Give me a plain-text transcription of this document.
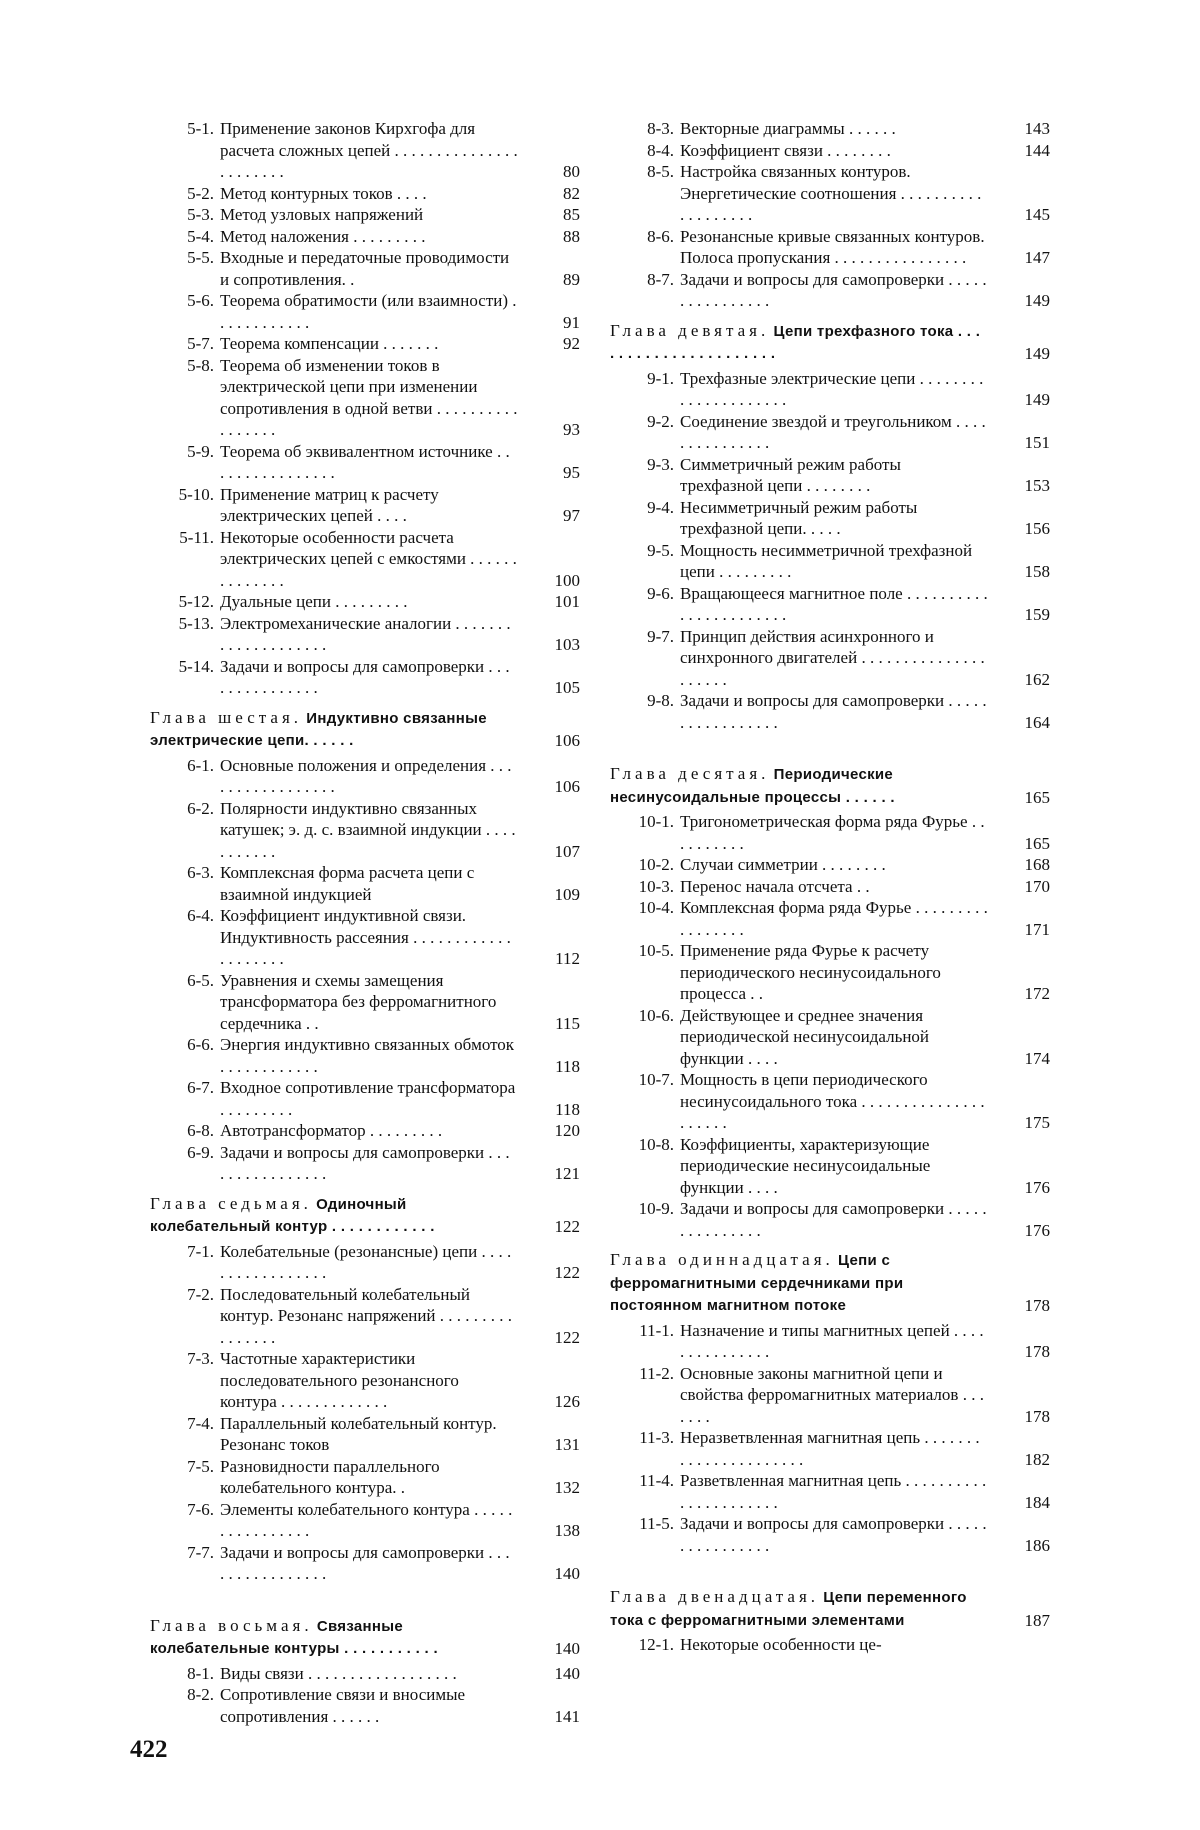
5-1. Применение законов Кирхгофа для расчета сложных цепей . . . . . . . . . . . . . . . . . . . . . . .	80
5-2. Метод контурных токов . . . .	82
5-3. Метод узловых напряжений	85
5-4. Метод наложения . . . . . . . . .	88
5-5. Входные и передаточные проводимости и сопротивления. .	89
5-6. Теорема обратимости (или взаимности) . . . . . . . . . . . .	91
5-7. Теорема компенсации . . . . . . .	92
5-8. Теорема об изменении токов в электрической цепи при изменении сопротивления в одной ветви . . . . . . . . . . . . . . . . .	93
5-9. Теорема об эквивалентном источнике . . . . . . . . . . . . . . . .	95
5-10. Применение матриц к расчету электрических цепей . . . .	97
5-11. Некоторые особенности расчета электрических цепей с емкостями . . . . . . . . . . . . . .	100
5-12. Дуальные цепи . . . . . . . . .	101
5-13. Электромеханические аналогии . . . . . . . . . . . . . . . . . . . .	103
5-14. Задачи и вопросы для самопроверки . . . . . . . . . . . . . . .	105
Глава шестая. Индуктивно связанные электрические цепи. . . . . .	106
6-1. Основные положения и определения . . . . . . . . . . . . . . . . .	106
6-2. Полярности индуктивно связанных катушек; э. д. с. взаимной индукции . . . . . . . . . . .	107
6-3. Комплексная форма расчета цепи с взаимной индукцией	109
6-4. Коэффициент индуктивной связи. Индуктивность рассеяния . . . . . . . . . . . . . . . . . . . .	112
6-5. Уравнения и схемы замещения трансформатора без ферромагнитного сердечника . .	115
6-6. Энергия индуктивно связанных обмоток . . . . . . . . . . . .	118
6-7. Входное сопротивление трансформатора . . . . . . . . .	118
6-8. Автотрансформатор . . . . . . . . .	120
6-9. Задачи и вопросы для самопроверки . . . . . . . . . . . . . . . .	121
Глава седьмая. Одиночный колебательный контур . . . . . . . . . . . .	122
7-1. Колебательные (резонансные) цепи . . . . . . . . . . . . . . . . .	122
7-2. Последовательный колебательный контур. Резонанс напряжений . . . . . . . . . . . . . . . .	122
7-3. Частотные характеристики последовательного резонансного контура . . . . . . . . . . . . .	126
7-4. Параллельный колебательный контур. Резонанс токов	131
7-5. Разновидности параллельного колебательного контура. .	132
7-6. Элементы колебательного контура . . . . . . . . . . . . . . . .	138
7-7. Задачи и вопросы для самопроверки . . . . . . . . . . . . . . . .	140
Глава восьмая. Связанные колебательные контуры . . . . . . . . . . .	140
8-1. Виды связи . . . . . . . . . . . . . . . . . .	140
8-2. Сопротивление связи и вносимые сопротивления . . . . . .	141
8-3. Векторные диаграммы . . . . . .	143
8-4. Коэффициент связи . . . . . . . .	144
8-5. Настройка связанных контуров. Энергетические соотношения . . . . . . . . . . . . . . . . . . .	145
8-6. Резонансные кривые связанных контуров. Полоса пропускания . . . . . . . . . . . . . . . .	147
8-7. Задачи и вопросы для самопроверки . . . . . . . . . . . . . . . .	149
Глава девятая. Цепи трехфазного тока . . . . . . . . . . . . . . . . . . . . . .	149
9-1. Трехфазные электрические цепи . . . . . . . . . . . . . . . . . . . . .	149
9-2. Соединение звездой и треугольником . . . . . . . . . . . . . . .	151
9-3. Симметричный режим работы трехфазной цепи . . . . . . . .	153
9-4. Несимметричный режим работы трехфазной цепи. . . . .	156
9-5. Мощность несимметричной трехфазной цепи . . . . . . . . .	158
9-6. Вращающееся магнитное поле . . . . . . . . . . . . . . . . . . . . . . .	159
9-7. Принцип действия асинхронного и синхронного двигателей . . . . . . . . . . . . . . . . . . . . .	162
9-8. Задачи и вопросы для самопроверки . . . . . . . . . . . . . . . . .	164
Глава десятая. Периодические несинусоидальные процессы . . . . . .	165
10-1. Тригонометрическая форма ряда Фурье . . . . . . . . . .	165
10-2. Случаи симметрии . . . . . . . .	168
10-3. Перенос начала отсчета . .	170
10-4. Комплексная форма ряда Фурье . . . . . . . . . . . . . . . . .	171
10-5. Применение ряда Фурье к расчету периодического несинусоидального процесса . .	172
10-6. Действующее и среднее значения периодической несинусоидальной функции . . . .	174
10-7. Мощность в цепи периодического несинусоидального тока . . . . . . . . . . . . . . . . . . . . .	175
10-8. Коэффициенты, характеризующие периодические несинусоидальные функции . . . .	176
10-9. Задачи и вопросы для самопроверки . . . . . . . . . . . . . . .	176
Глава одиннадцатая. Цепи с ферромагнитными сердечниками при постоянном магнитном потоке	178
11-1. Назначение и типы магнитных цепей . . . . . . . . . . . . . . .	178
11-2. Основные законы магнитной цепи и свойства ферромагнитных материалов . . . . . . .	178
11-3. Неразветвленная магнитная цепь . . . . . . . . . . . . . . . . . . . . . .	182
11-4. Разветвленная магнитная цепь . . . . . . . . . . . . . . . . . . . . . .	184
11-5. Задачи и вопросы для самопроверки . . . . . . . . . . . . . . . .	186
Глава двенадцатая. Цепи переменного тока с ферромагнитными элементами	187
12-1. Некоторые особенности це-
422
